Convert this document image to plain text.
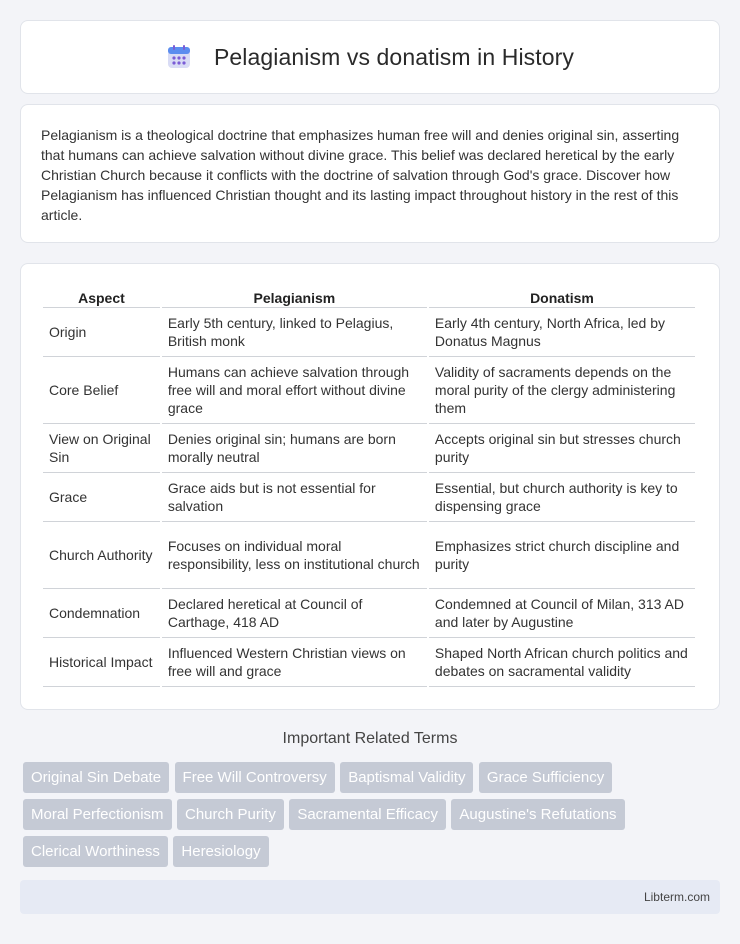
Pelagianism vs donatism in History

Pelagianism is a theological doctrine that emphasizes human free will and denies original sin, asserting that humans can achieve salvation without divine grace. This belief was declared heretical by the early Christian Church because it conflicts with the doctrine of salvation through God's grace. Discover how Pelagianism has influenced Christian thought and its lasting impact throughout history in the rest of this article.

Aspect	Pelagianism	Donatism
Origin	Early 5th century, linked to Pelagius, British monk	Early 4th century, North Africa, led by Donatus Magnus
Core Belief	Humans can achieve salvation through free will and moral effort without divine grace	Validity of sacraments depends on the moral purity of the clergy administering them
View on Original Sin	Denies original sin; humans are born morally neutral	Accepts original sin but stresses church purity
Grace	Grace aids but is not essential for salvation	Essential, but church authority is key to dispensing grace
Church Authority	Focuses on individual moral responsibility, less on institutional church	Emphasizes strict church discipline and purity
Condemnation	Declared heretical at Council of Carthage, 418 AD	Condemned at Council of Milan, 313 AD and later by Augustine
Historical Impact	Influenced Western Christian views on free will and grace	Shaped North African church politics and debates on sacramental validity
Important Related Terms
Original Sin Debate Free Will Controversy Baptismal Validity Grace Sufficiency Moral Perfectionism Church Purity Sacramental Efficacy Augustine's Refutations Clerical Worthiness Heresiology
Libterm.com
